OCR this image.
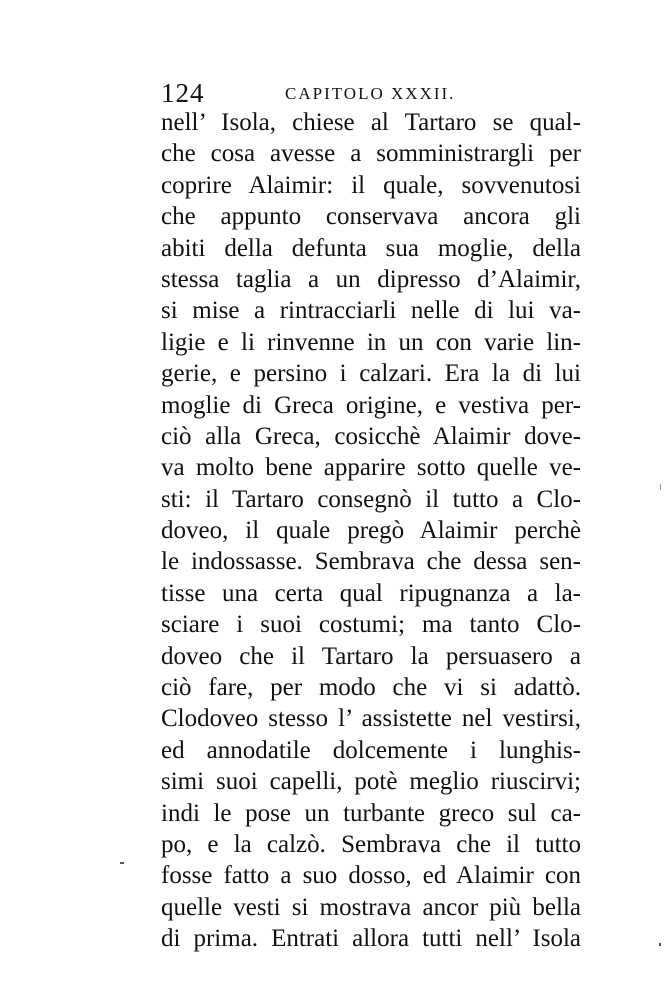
124	CAPITOLO XXXII.
nell’ Isola, chiese al Tartaro se qual-
che cosa avesse a somministrargli per
coprire Alaimir: il quale, sovvenutosi
che appunto conservava ancora gli
abiti della defunta sua moglie, della
stessa taglia a un dipresso d’Alaimir,
si mise a rintracciarli nelle di lui va-
ligie e li rinvenne in un con varie lin-
gerie, e persino i calzari. Era la di lui
moglie di Greca origine, e vestiva per-
ciò alla Greca, cosicchè Alaimir dove-
va molto bene apparire sotto quelle ve-
sti: il Tartaro consegnò il tutto a Clo-
doveo, il quale pregò Alaimir perchè
le indossasse. Sembrava che dessa sen-
tisse una certa qual ripugnanza a la-
sciare i suoi costumi; ma tanto Clo-
doveo che il Tartaro la persuasero a
ciò fare, per modo che vi si adattò.
Clodoveo stesso l’ assistette nel vestirsi,
ed annodatile dolcemente i lunghis-
simi suoi capelli, potè meglio riuscirvi;
indi le pose un turbante greco sul ca-
po, e la calzò. Sembrava che il tutto
fosse fatto a suo dosso, ed Alaimir con
quelle vesti si mostrava ancor più bella
di prima. Entrati allora tutti nell’ Isola
